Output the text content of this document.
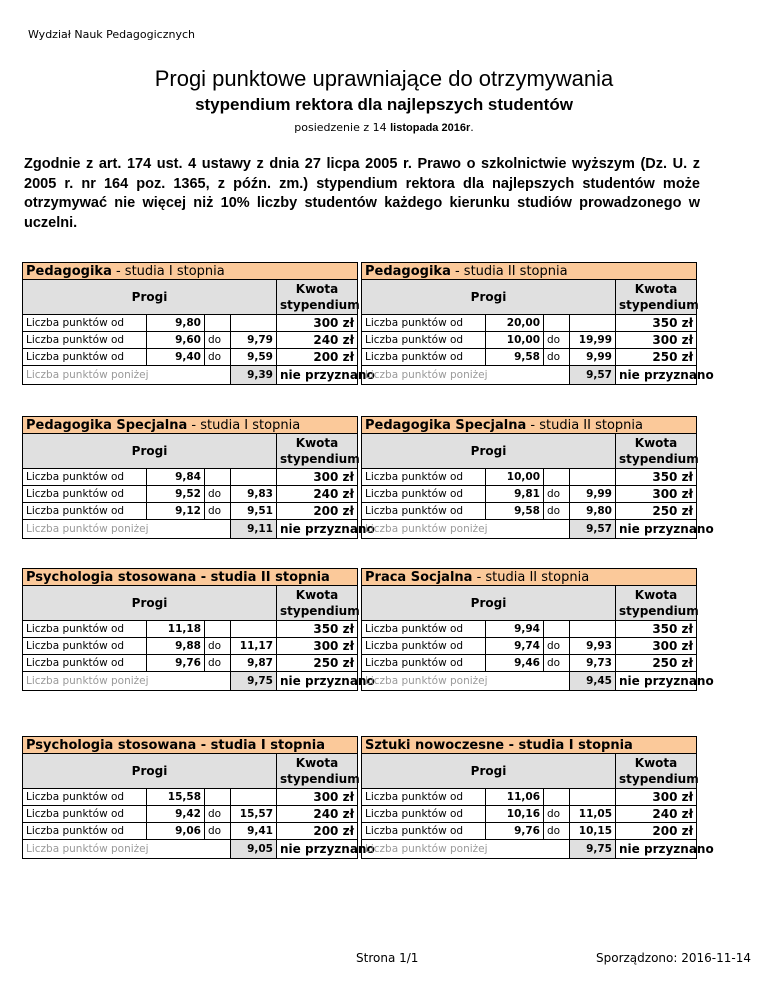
Wydział Nauk Pedagogicznych
Progi punktowe uprawniające do otrzymywania
stypendium rektora dla najlepszych studentów
posiedzenie z 14 listopada 2016r.
Zgodnie z art. 174 ust. 4 ustawy z dnia 27 licpa 2005 r. Prawo o szkolnictwie wyższym (Dz. U. z 2005 r. nr 164 poz. 1365, z późn. zm.) stypendium rektora dla najlepszych studentów może otrzymywać nie więcej niż 10% liczby studentów każdego kierunku studiów prowadzonego w uczelni.
Pedagogika - studia I stopnia				
Progi				Kwota
stypendium

Liczba punktów od	9,80			300 zł
Liczba punktów od	9,60	do	9,79	240 zł
Liczba punktów od	9,40	do	9,59	200 zł
Liczba punktów poniżej			9,39	nie przyznano
Pedagogika - studia II stopnia				
Progi				Kwota
stypendium

Liczba punktów od	20,00			350 zł
Liczba punktów od	10,00	do	19,99	300 zł
Liczba punktów od	9,58	do	9,99	250 zł
Liczba punktów poniżej			9,57	nie przyznano
Pedagogika Specjalna - studia I stopnia				
Progi				Kwota
stypendium

Liczba punktów od	9,84			300 zł
Liczba punktów od	9,52	do	9,83	240 zł
Liczba punktów od	9,12	do	9,51	200 zł
Liczba punktów poniżej			9,11	nie przyznano
Pedagogika Specjalna - studia II stopnia				
Progi				Kwota
stypendium

Liczba punktów od	10,00			350 zł
Liczba punktów od	9,81	do	9,99	300 zł
Liczba punktów od	9,58	do	9,80	250 zł
Liczba punktów poniżej			9,57	nie przyznano
Psychologia stosowana - studia II stopnia				
Progi				Kwota
stypendium

Liczba punktów od	11,18			350 zł
Liczba punktów od	9,88	do	11,17	300 zł
Liczba punktów od	9,76	do	9,87	250 zł
Liczba punktów poniżej			9,75	nie przyznano
Praca Socjalna - studia II stopnia				
Progi				Kwota
stypendium

Liczba punktów od	9,94			350 zł
Liczba punktów od	9,74	do	9,93	300 zł
Liczba punktów od	9,46	do	9,73	250 zł
Liczba punktów poniżej			9,45	nie przyznano
Psychologia stosowana - studia I stopnia				
Progi				Kwota
stypendium

Liczba punktów od	15,58			300 zł
Liczba punktów od	9,42	do	15,57	240 zł
Liczba punktów od	9,06	do	9,41	200 zł
Liczba punktów poniżej			9,05	nie przyznano
Sztuki nowoczesne - studia I stopnia				
Progi				Kwota
stypendium

Liczba punktów od	11,06			300 zł
Liczba punktów od	10,16	do	11,05	240 zł
Liczba punktów od	9,76	do	10,15	200 zł
Liczba punktów poniżej			9,75	nie przyznano
Strona 1/1	Sporządzono: 2016-11-14
